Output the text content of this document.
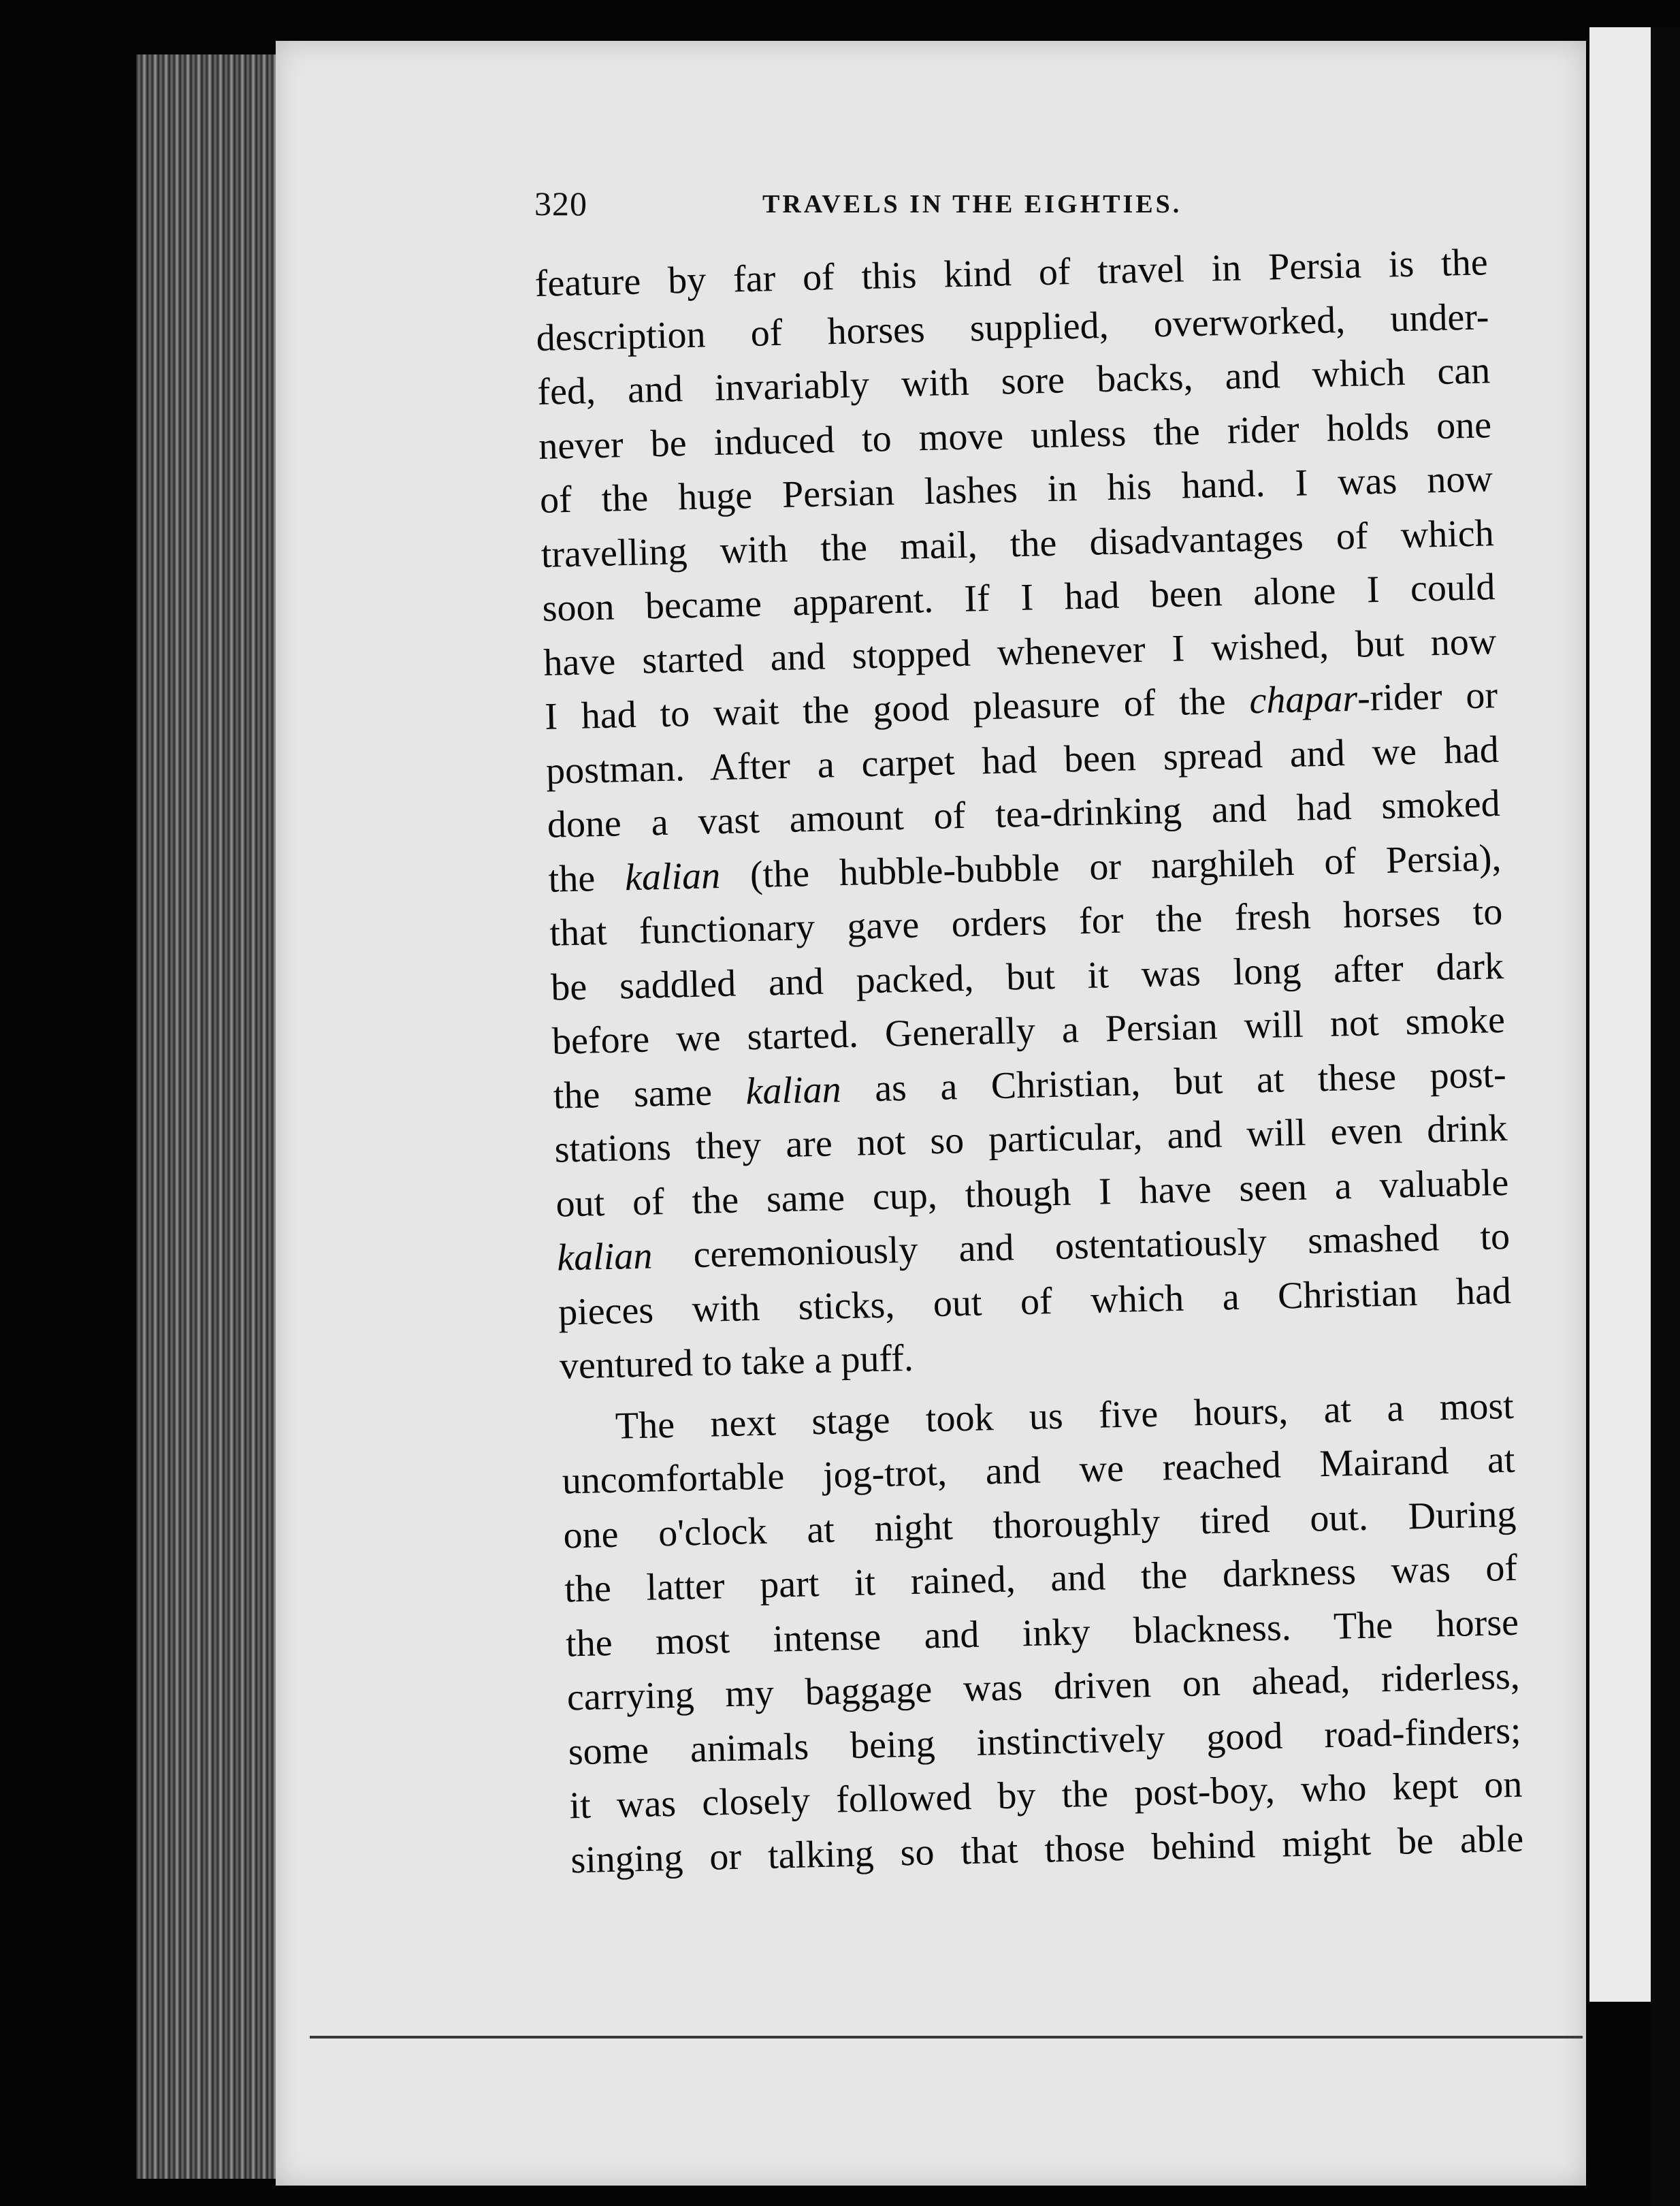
320	TRAVELS IN THE EIGHTIES.
feature by far of this kind of travel in Persia is the
description of horses supplied, overworked, under-
fed, and invariably with sore backs, and which can
never be induced to move unless the rider holds one
of the huge Persian lashes in his hand. I was now
travelling with the mail, the disadvantages of which
soon became apparent. If I had been alone I could
have started and stopped whenever I wished, but now
I had to wait the good pleasure of the chapar-rider or
postman. After a carpet had been spread and we had
done a vast amount of tea-drinking and had smoked
the kalian (the hubble-bubble or narghileh of Persia),
that functionary gave orders for the fresh horses to
be saddled and packed, but it was long after dark
before we started. Generally a Persian will not smoke
the same kalian as a Christian, but at these post-
stations they are not so particular, and will even drink
out of the same cup, though I have seen a valuable
kalian ceremoniously and ostentatiously smashed to
pieces with sticks, out of which a Christian had
ventured to take a puff.
The next stage took us five hours, at a most
uncomfortable jog-trot, and we reached Mairand at
one o'clock at night thoroughly tired out. During
the latter part it rained, and the darkness was of
the most intense and inky blackness. The horse
carrying my baggage was driven on ahead, riderless,
some animals being instinctively good road-finders;
it was closely followed by the post-boy, who kept on
singing or talking so that those behind might be able
